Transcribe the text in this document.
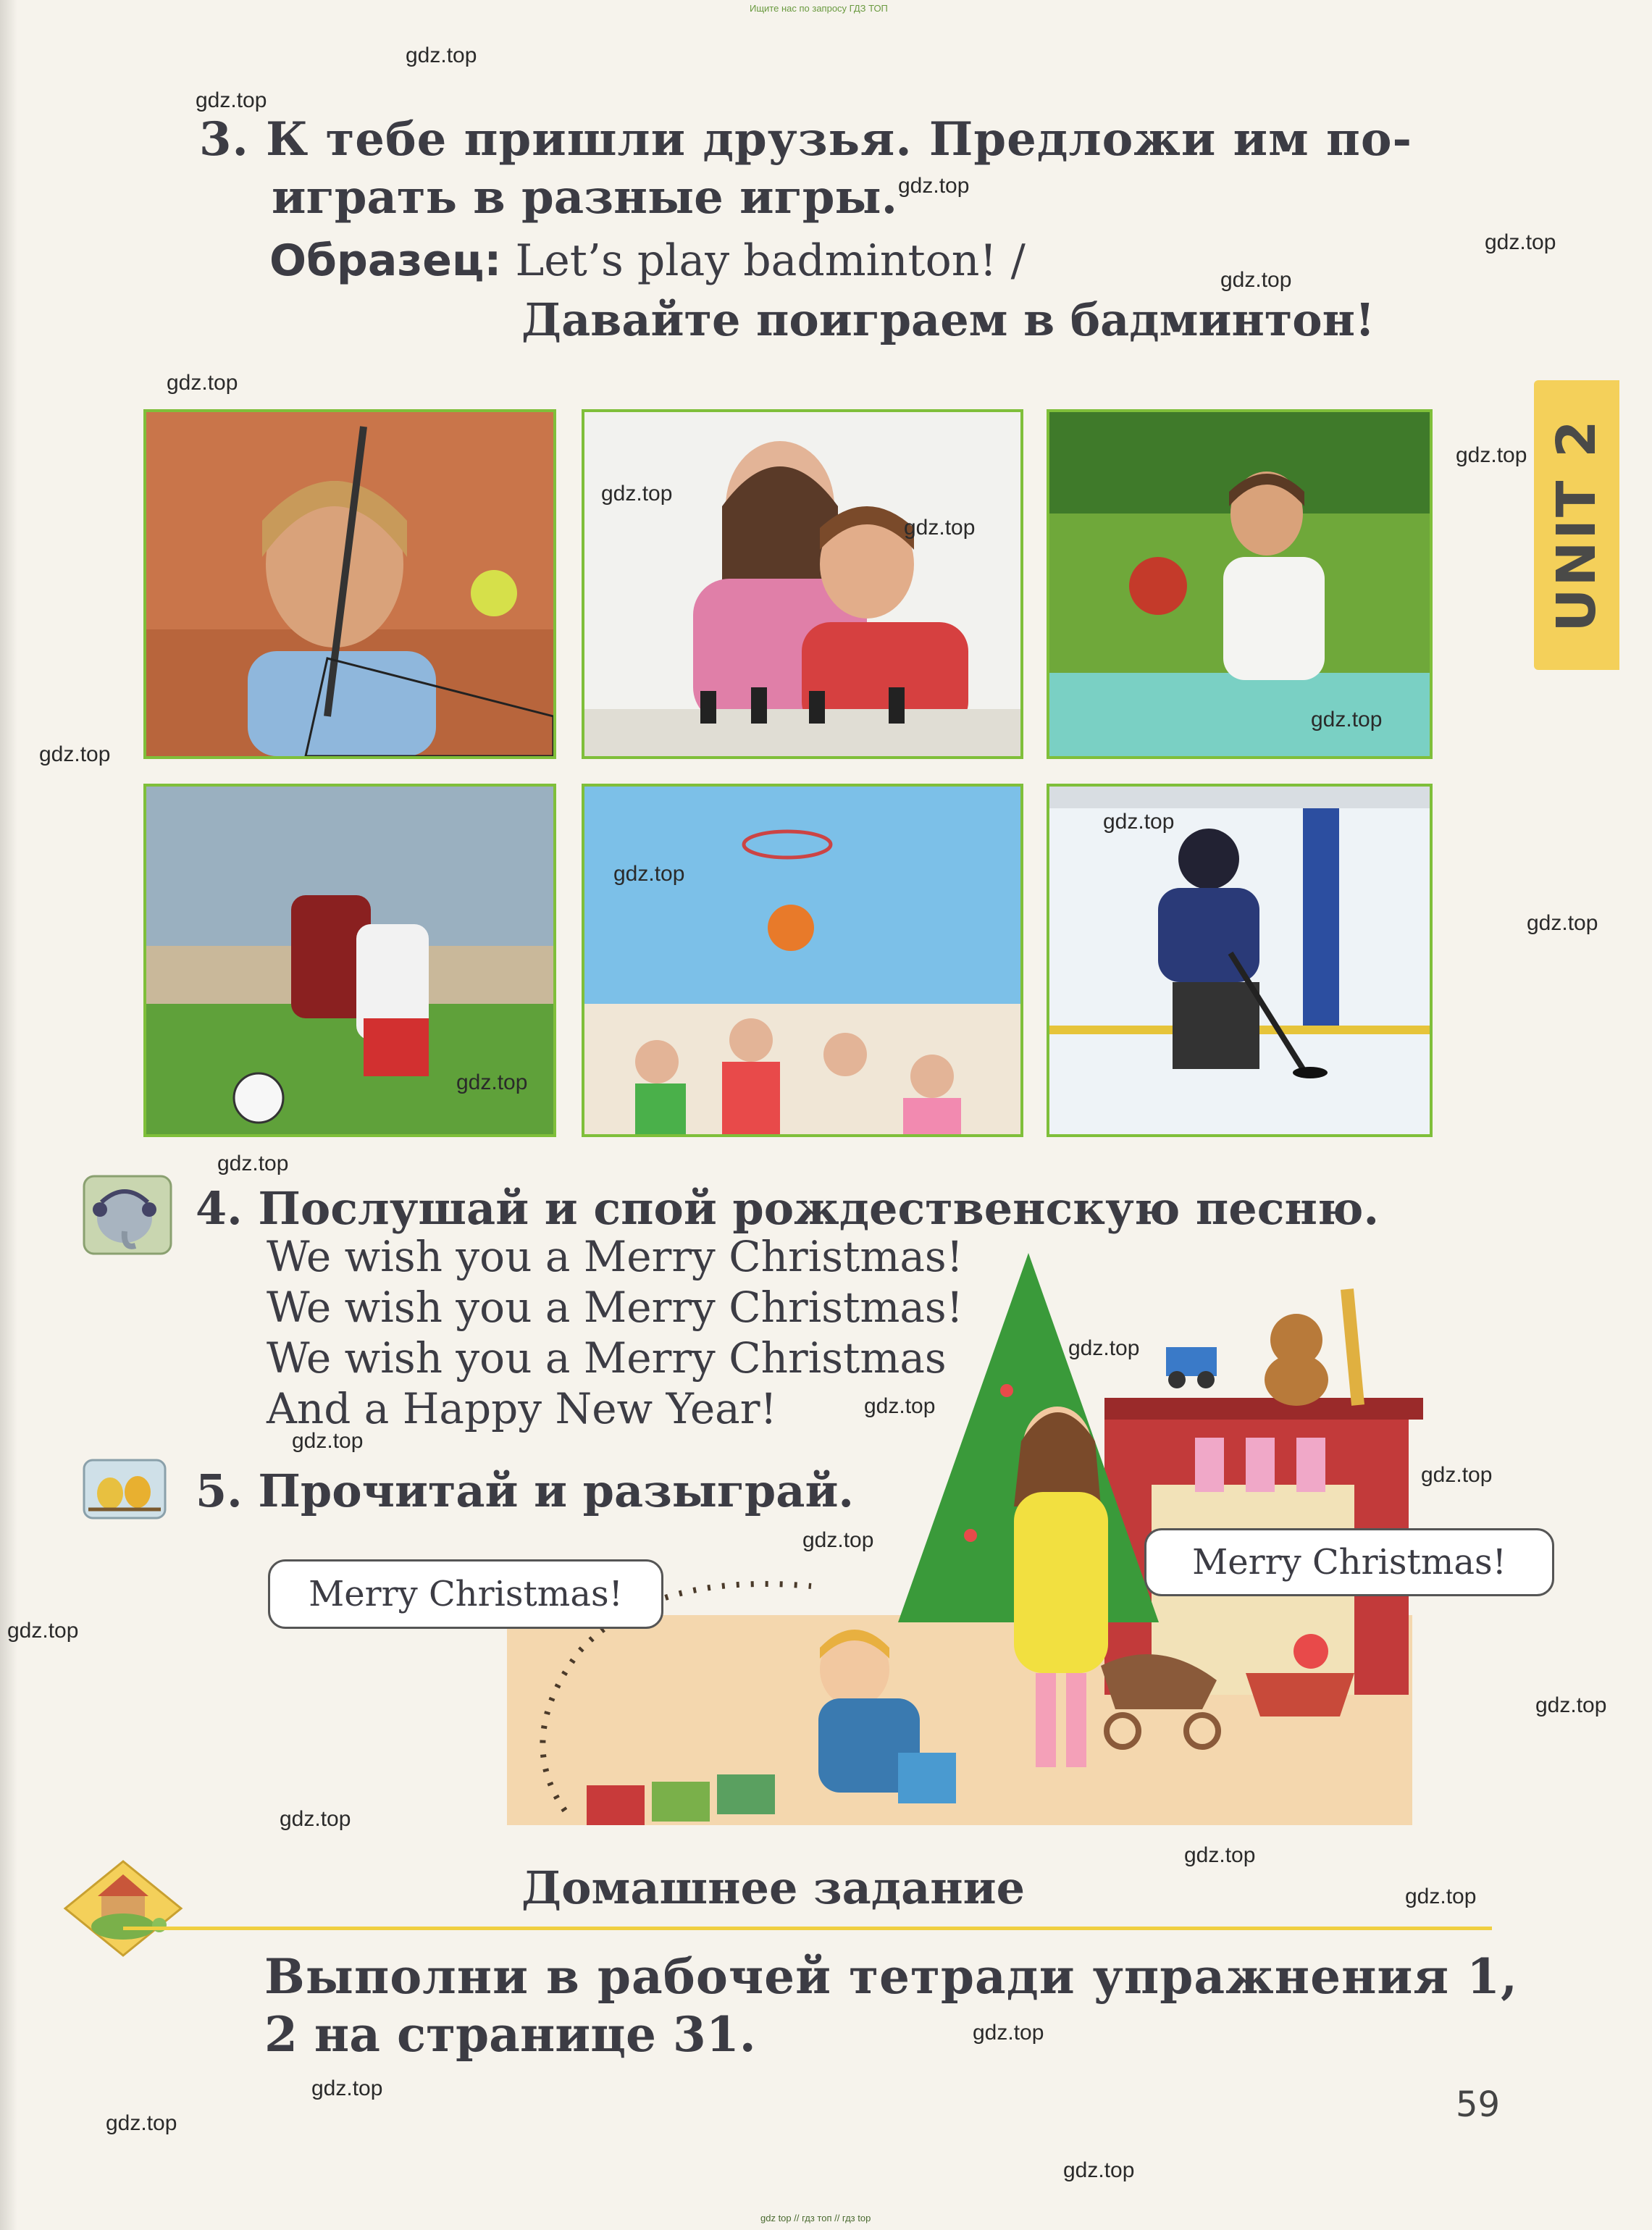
Ищите нас по запросу ГДЗ ТОП
gdz top // гдз топ // гдз top
UNIT 2
3. К тебе пришли друзья. Предложи им по-
играть в разные игры.
Образец: Let’s play badminton! /
Давайте поиграем в бадминтон!
4. Послушай и спой рождественскую песню.
We wish you a Merry Christmas!
We wish you a Merry Christmas!
We wish you a Merry Christmas
And a Happy New Year!
5. Прочитай и разыграй.
Merry Christmas!
Merry Christmas!
Домашнее задание
Выполни в рабочей тетради упражнения 1,
2 на странице 31.
59
gdz.top
gdz.top
gdz.top
gdz.top
gdz.top
gdz.top
gdz.top
gdz.top
gdz.top
gdz.top
gdz.top
gdz.top
gdz.top
gdz.top
gdz.top
gdz.top
gdz.top
gdz.top
gdz.top
gdz.top
gdz.top
gdz.top
gdz.top
gdz.top
gdz.top
gdz.top
gdz.top
gdz.top
gdz.top
gdz.top
